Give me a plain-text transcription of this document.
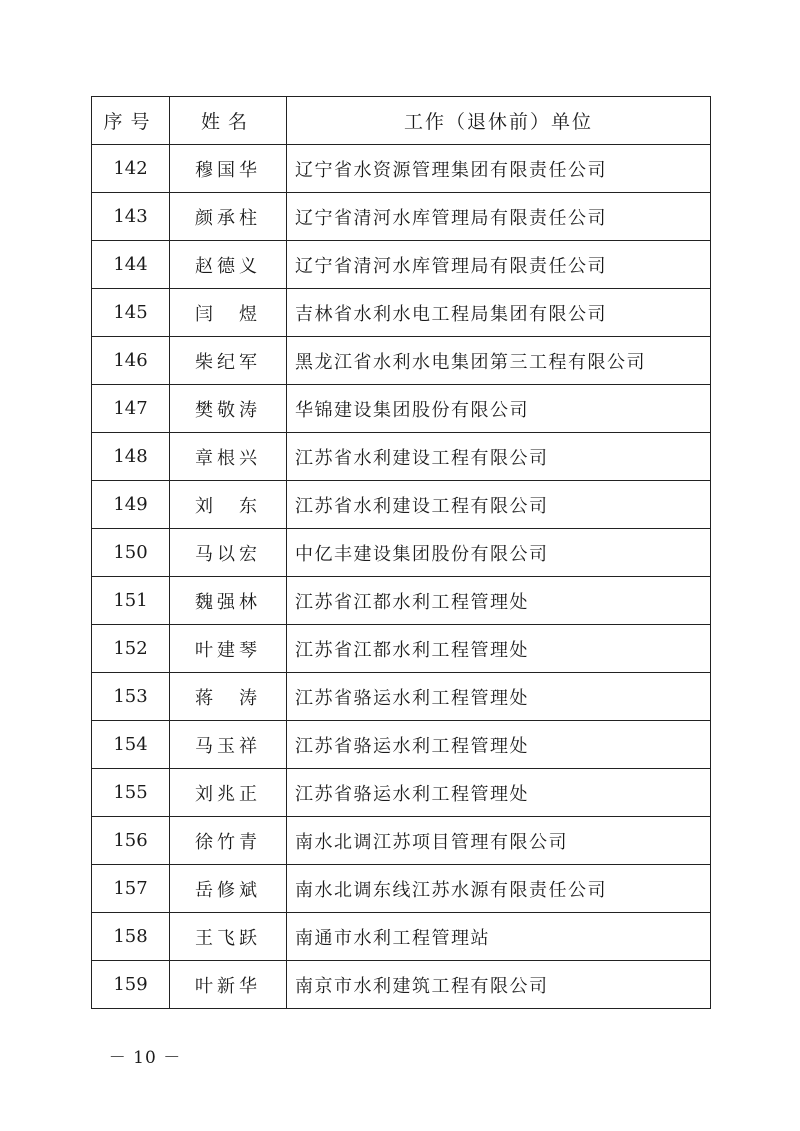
序号	姓名	工作（退休前）单位
142	穆国华	辽宁省水资源管理集团有限责任公司
143	颜承柱	辽宁省清河水库管理局有限责任公司
144	赵德义	辽宁省清河水库管理局有限责任公司
145	闫　煜	吉林省水利水电工程局集团有限公司
146	柴纪军	黑龙江省水利水电集团第三工程有限公司
147	樊敬涛	华锦建设集团股份有限公司
148	章根兴	江苏省水利建设工程有限公司
149	刘　东	江苏省水利建设工程有限公司
150	马以宏	中亿丰建设集团股份有限公司
151	魏强林	江苏省江都水利工程管理处
152	叶建琴	江苏省江都水利工程管理处
153	蒋　涛	江苏省骆运水利工程管理处
154	马玉祥	江苏省骆运水利工程管理处
155	刘兆正	江苏省骆运水利工程管理处
156	徐竹青	南水北调江苏项目管理有限公司
157	岳修斌	南水北调东线江苏水源有限责任公司
158	王飞跃	南通市水利工程管理站
159	叶新华	南京市水利建筑工程有限公司
－ 10 －
